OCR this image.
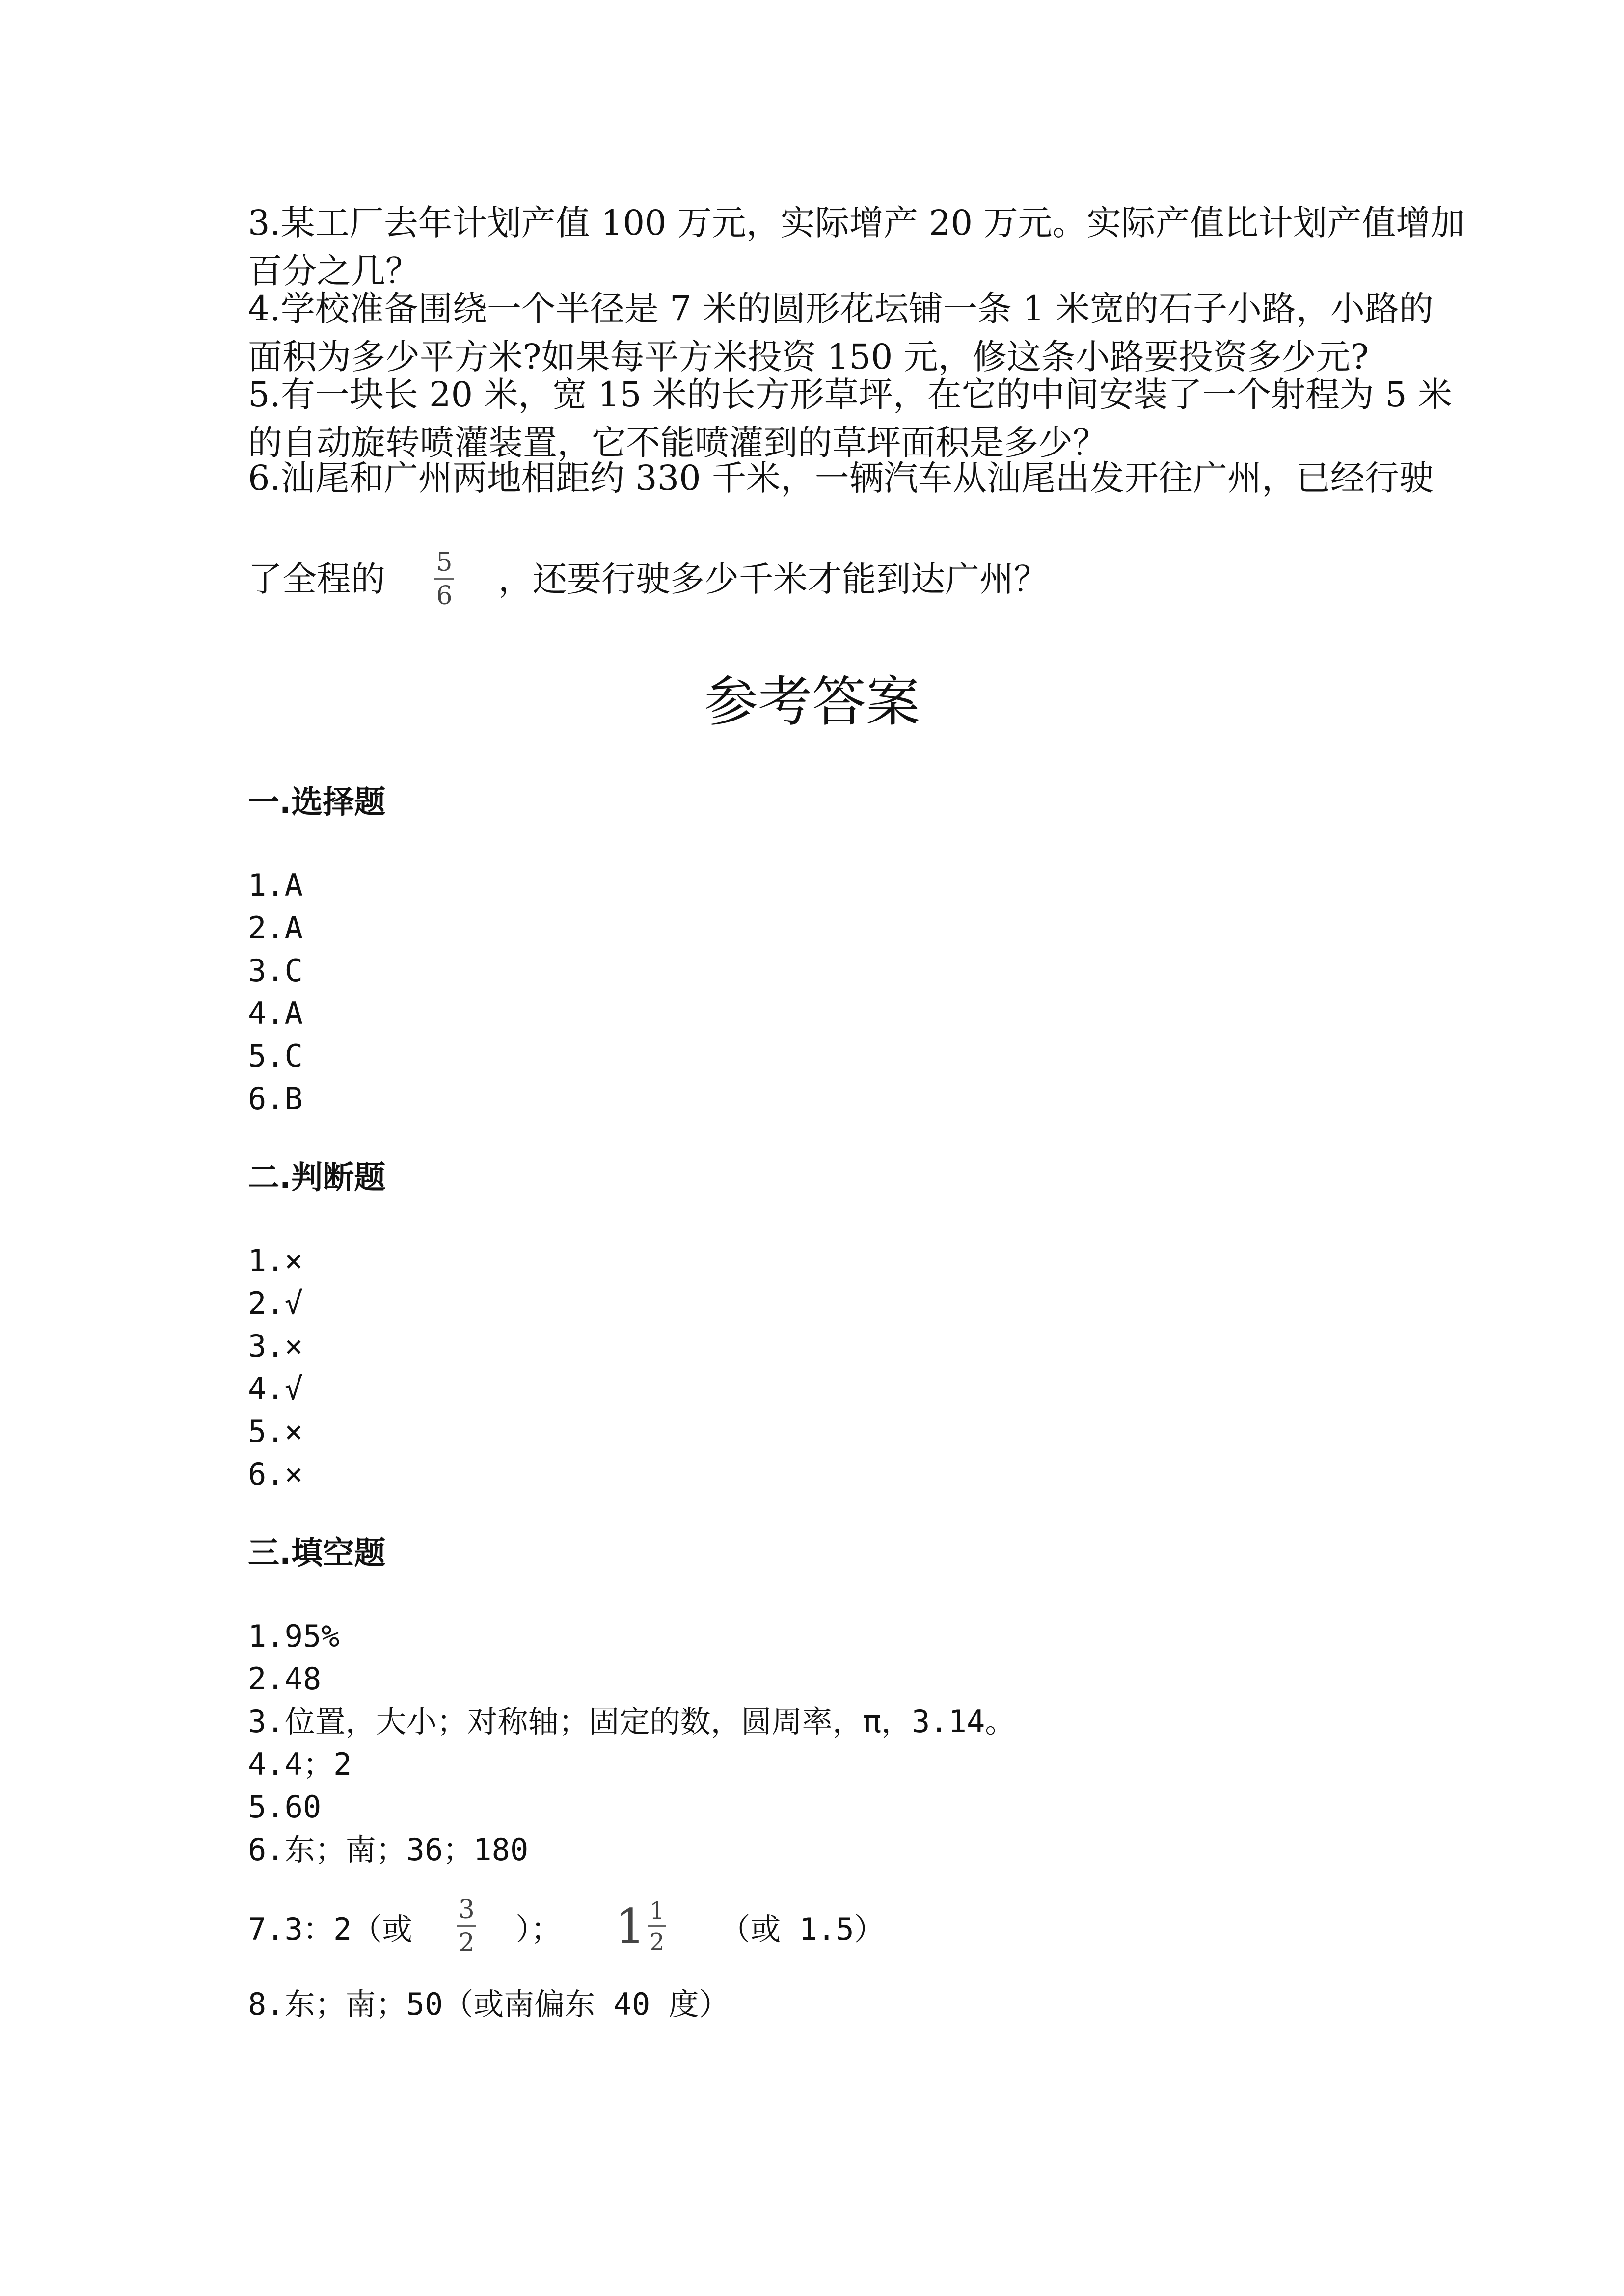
3.某工厂去年计划产值 100 万元，实际增产 20 万元。实际产值比计划产值增加
百分之几？
4.学校准备围绕一个半径是 7 米的圆形花坛铺一条 1 米宽的石子小路，小路的
面积为多少平方米?如果每平方米投资 150 元，修这条小路要投资多少元?
5.有一块长 20 米，宽 15 米的长方形草坪，在它的中间安装了一个射程为 5 米
的自动旋转喷灌装置，它不能喷灌到的草坪面积是多少？
6.汕尾和广州两地相距约 330 千米，一辆汽车从汕尾出发开往广州，已经行驶
了全程的 $\frac{5}{6}$ ，还要行驶多少千米才能到达广州？
参考答案
一.选择题
1.A
2.A
3.C
4.A
5.C
6.B
二.判断题
1.×
2.√
3.×
4.√
5.×
6.×
三.填空题
1.95%
2.48
3.位置，大小；对称轴；固定的数，圆周率，π，3.14。
4.4；2
5.60
6.东；南；36；180
7.3：2（或 $\frac{3}{2}$ ）； $1 \frac{1}{2}$ （或 1.5）
8.东；南；50（或南偏东 40 度）
